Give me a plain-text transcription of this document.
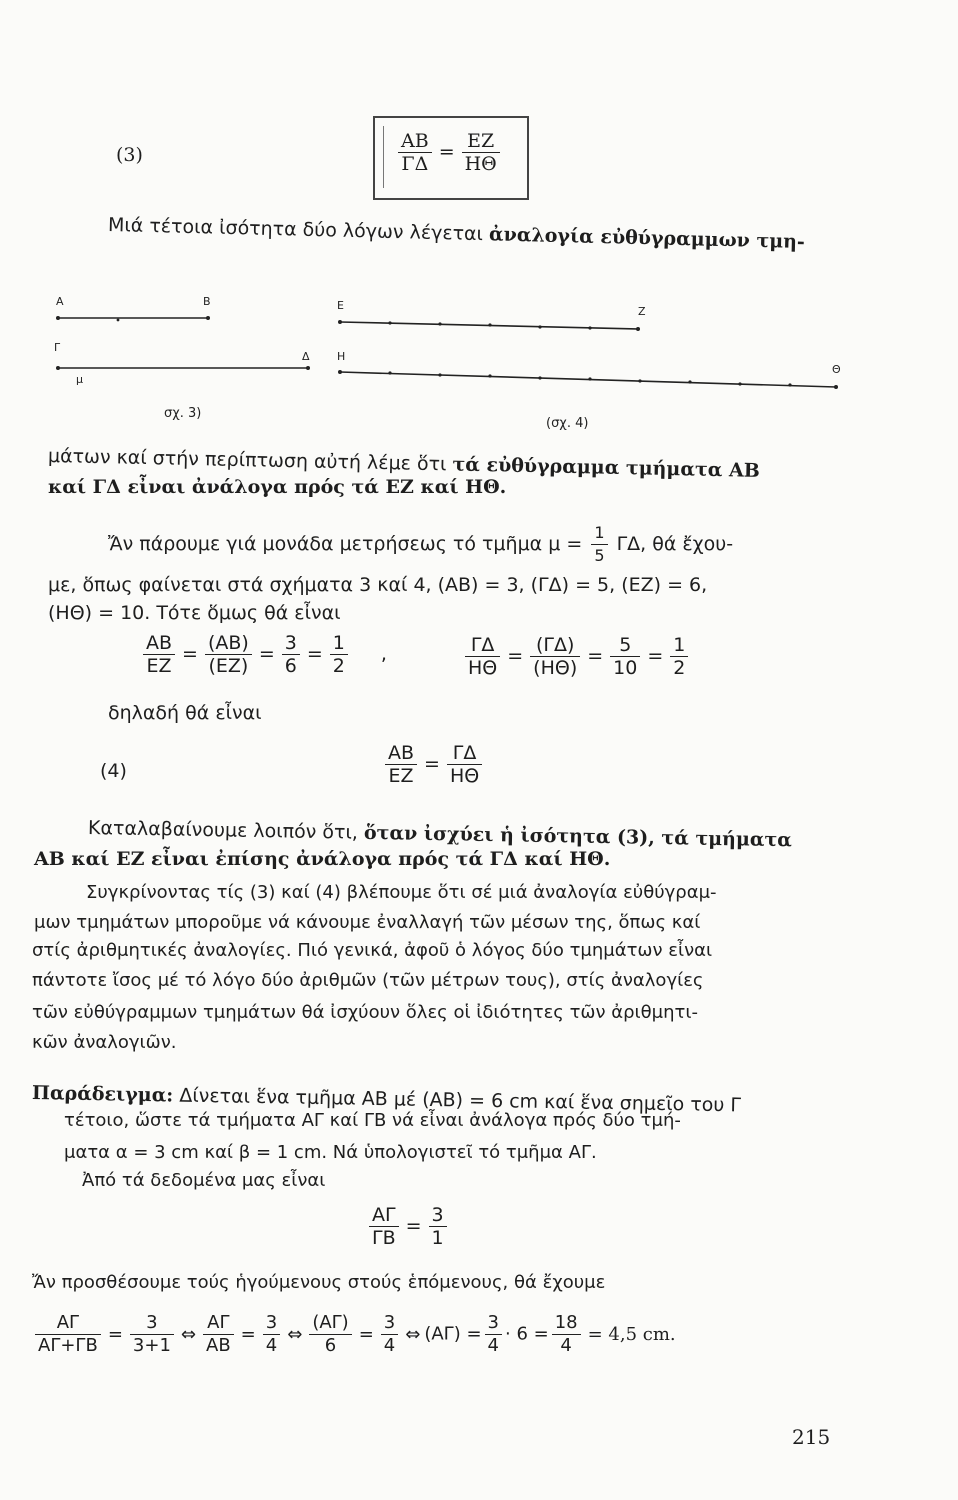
(3)	$\frac{AB}{\Gamma\Delta} = \frac{EZ}{H\Theta}$
Μιά τέτοια ἰσότητα δύο λόγων λέγεται ἀναλογία εὐθύγραμμων τμη-
A	B
Γ
Δ
μ
σχ. 3)
E	Z
H
Θ
(σχ. 4)
μάτων καί στήν περίπτωση αὐτή λέμε ὅτι τά εὐθύγραμμα τμήματα AB
καί ΓΔ εἶναι ἀνάλογα πρός τά EZ καί HΘ.
Ἄν πάρουμε γιά μονάδα μετρήσεως τό τμῆμα $\mu = \frac{1}{5} \Gamma\Delta$, θά ἔχου-
με, ὅπως φαίνεται στά σχήματα 3 καί 4, (AB) = 3, (ΓΔ) = 5, (EZ) = 6,
(HΘ) = 10. Τότε ὅμως θά εἶναι
$\frac{AB}{EZ} = \frac{(AB)}{(EZ)} = \frac{3}{6} = \frac{1}{2}$ ,	$\frac{\Gamma\Delta}{H\Theta} = \frac{(\Gamma\Delta)}{(H\Theta)} = \frac{5}{10} = \frac{1}{2}$
δηλαδή θά εἶναι
(4)	$\frac{AB}{EZ} = \frac{\Gamma\Delta}{H\Theta}$
Καταλαβαίνουμε λοιπόν ὅτι, ὅταν ἰσχύει ἡ ἰσότητα (3), τά τμήματα
AB καί EZ εἶναι ἐπίσης ἀνάλογα πρός τά ΓΔ καί HΘ.
Συγκρίνοντας τίς (3) καί (4) βλέπουμε ὅτι σέ μιά ἀναλογία εὐθύγραμ-
μων τμημάτων μποροῦμε νά κάνουμε ἐναλλαγή τῶν μέσων της, ὅπως καί
στίς ἀριθμητικές ἀναλογίες. Πιό γενικά, ἀφοῦ ὁ λόγος δύο τμημάτων εἶναι
πάντοτε ἴσος μέ τό λόγο δύο ἀριθμῶν (τῶν μέτρων τους), στίς ἀναλογίες
τῶν εὐθύγραμμων τμημάτων θά ἰσχύουν ὅλες οἱ ἰδιότητες τῶν ἀριθμητι-
κῶν ἀναλογιῶν.
Παράδειγμα: Δίνεται ἕνα τμῆμα AB μέ (AB) = 6 cm καί ἕνα σημεῖο του Γ
τέτοιο, ὥστε τά τμήματα AΓ καί ΓB νά εἶναι ἀνάλογα πρός δύο τμή-
ματα α = 3 cm καί β = 1 cm. Νά ὑπολογιστεῖ τό τμῆμα AΓ.
Ἀπό τά δεδομένα μας εἶναι
$\frac{A\Gamma}{\Gamma B} = \frac{3}{1}$
Ἄν προσθέσουμε τούς ἡγούμενους στούς ἑπόμενους, θά ἔχουμε
$\frac{A\Gamma}{A\Gamma+\Gamma B} = \frac{3}{3+1}$ ⇔ $\frac{A\Gamma}{AB} = \frac{3}{4}$ ⇔ $\frac{(A\Gamma)}{6} = \frac{3}{4}$ ⇔ $(A\Gamma) = \frac{3}{4} \cdot 6 = \frac{18}{4} = 4,5$ cm.
215
